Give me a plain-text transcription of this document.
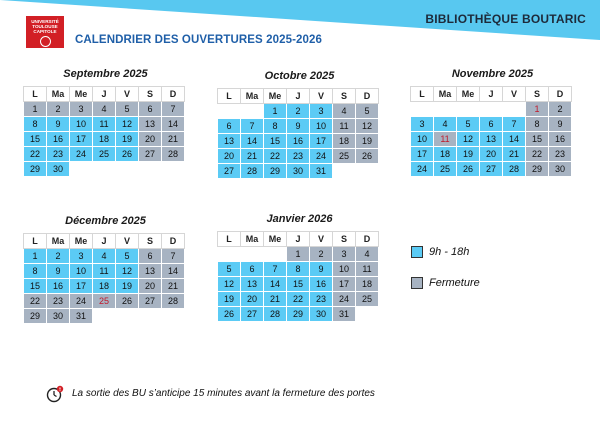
BIBLIOTHÈQUE BOUTARIC
UNIVERSITÉ
TOULOUSE
CAPITOLE
CALENDRIER DES OUVERTURES 2025-2026
Septembre 2025
L	Ma	Me	J	V	S	D
1	2	3	4	5	6	7
8	9	10	11	12	13	14
15	16	17	18	19	20	21
22	23	24	25	26	27	28
29	30					
Octobre 2025
L	Ma	Me	J	V	S	D
		1	2	3	4	5
6	7	8	9	10	11	12
13	14	15	16	17	18	19
20	21	22	23	24	25	26
27	28	29	30	31		
Novembre 2025
L	Ma	Me	J	V	S	D
					1	2
3	4	5	6	7	8	9
10	11	12	13	14	15	16
17	18	19	20	21	22	23
24	25	26	27	28	29	30
Décembre 2025
L	Ma	Me	J	V	S	D
1	2	3	4	5	6	7
8	9	10	11	12	13	14
15	16	17	18	19	20	21
22	23	24	25	26	27	28
29	30	31				
Janvier 2026
L	Ma	Me	J	V	S	D
			1	2	3	4
5	6	7	8	9	10	11
12	13	14	15	16	17	18
19	20	21	22	23	24	25
26	27	28	29	30	31	
9h - 18h
Fermeture
La sortie des BU s’anticipe 15 minutes avant la fermeture des portes
